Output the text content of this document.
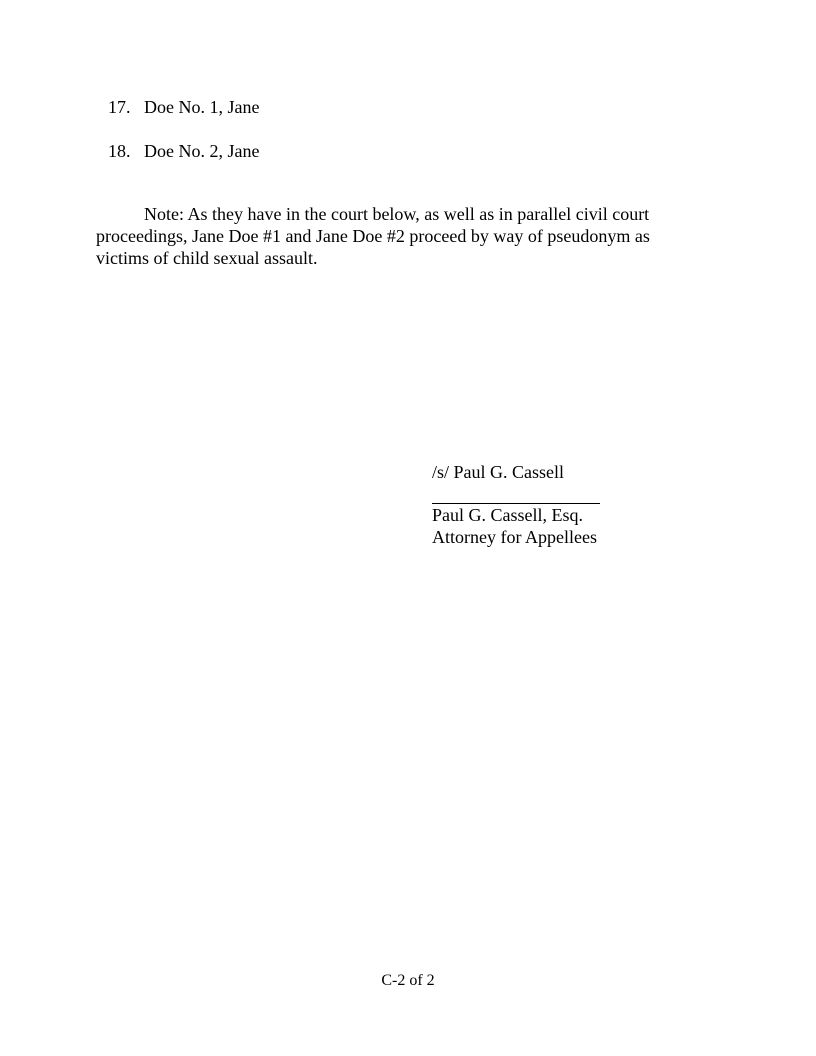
17. Doe No. 1, Jane
18. Doe No. 2, Jane

Note: As they have in the court below, as well as in parallel civil court proceedings, Jane Doe #1 and Jane Doe #2 proceed by way of pseudonym as victims of child sexual assault.

/s/ Paul G. Cassell
Paul G. Cassell, Esq.
Attorney for Appellees
C-2 of 2
